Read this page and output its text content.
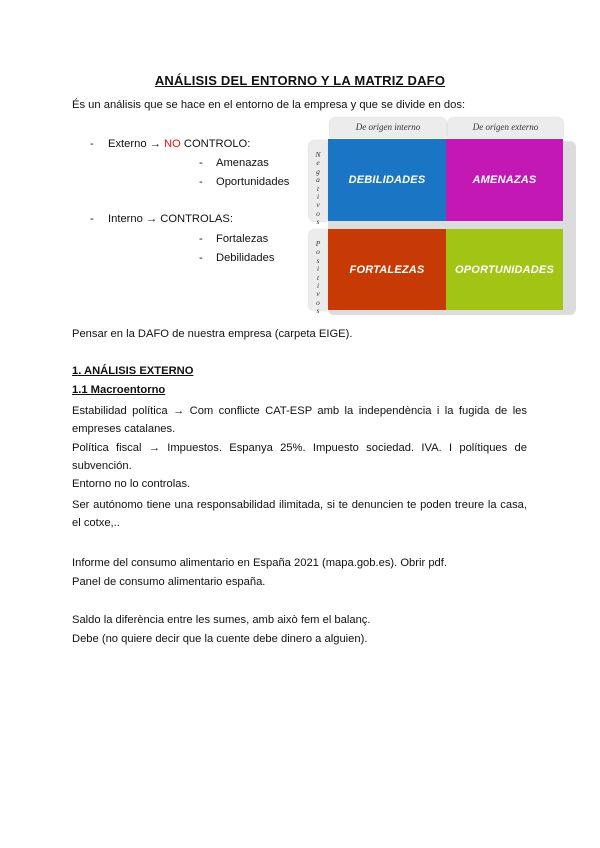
ANÁLISIS DEL ENTORNO Y LA MATRIZ DAFO
És un análisis que se hace en el entorno de la empresa y que se divide en dos:
- Externo → NO CONTROLO:
- Amenazas
- Oportunidades
- Interno → CONTROLAS:
- Fortalezas
- Debilidades
De origen interno	De origen externo
N
e
g
a
t
i
v
o
s
P
o
s
i
t
i
v
o
s
DEBILIDADES	AMENAZAS
FORTALEZAS	OPORTUNIDADES
Pensar en la DAFO de nuestra empresa (carpeta EIGE).
1. ANÁLISIS EXTERNO
1.1 Macroentorno
Estabilidad política → Com conflicte CAT-ESP amb la independència i la fugida de les empreses catalanes.
Política fiscal → Impuestos. Espanya 25%. Impuesto sociedad. IVA. I polítiques de subvención.
Entorno no lo controlas.
Ser autónomo tiene una responsabilidad ilimitada, si te denuncien te poden treure la casa, el cotxe,..
Informe del consumo alimentario en España 2021 (mapa.gob.es). Obrir pdf.
Panel de consumo alimentario españa.
Saldo la diferència entre les sumes, amb això fem el balanç.
Debe (no quiere decir que la cuente debe dinero a alguien).
